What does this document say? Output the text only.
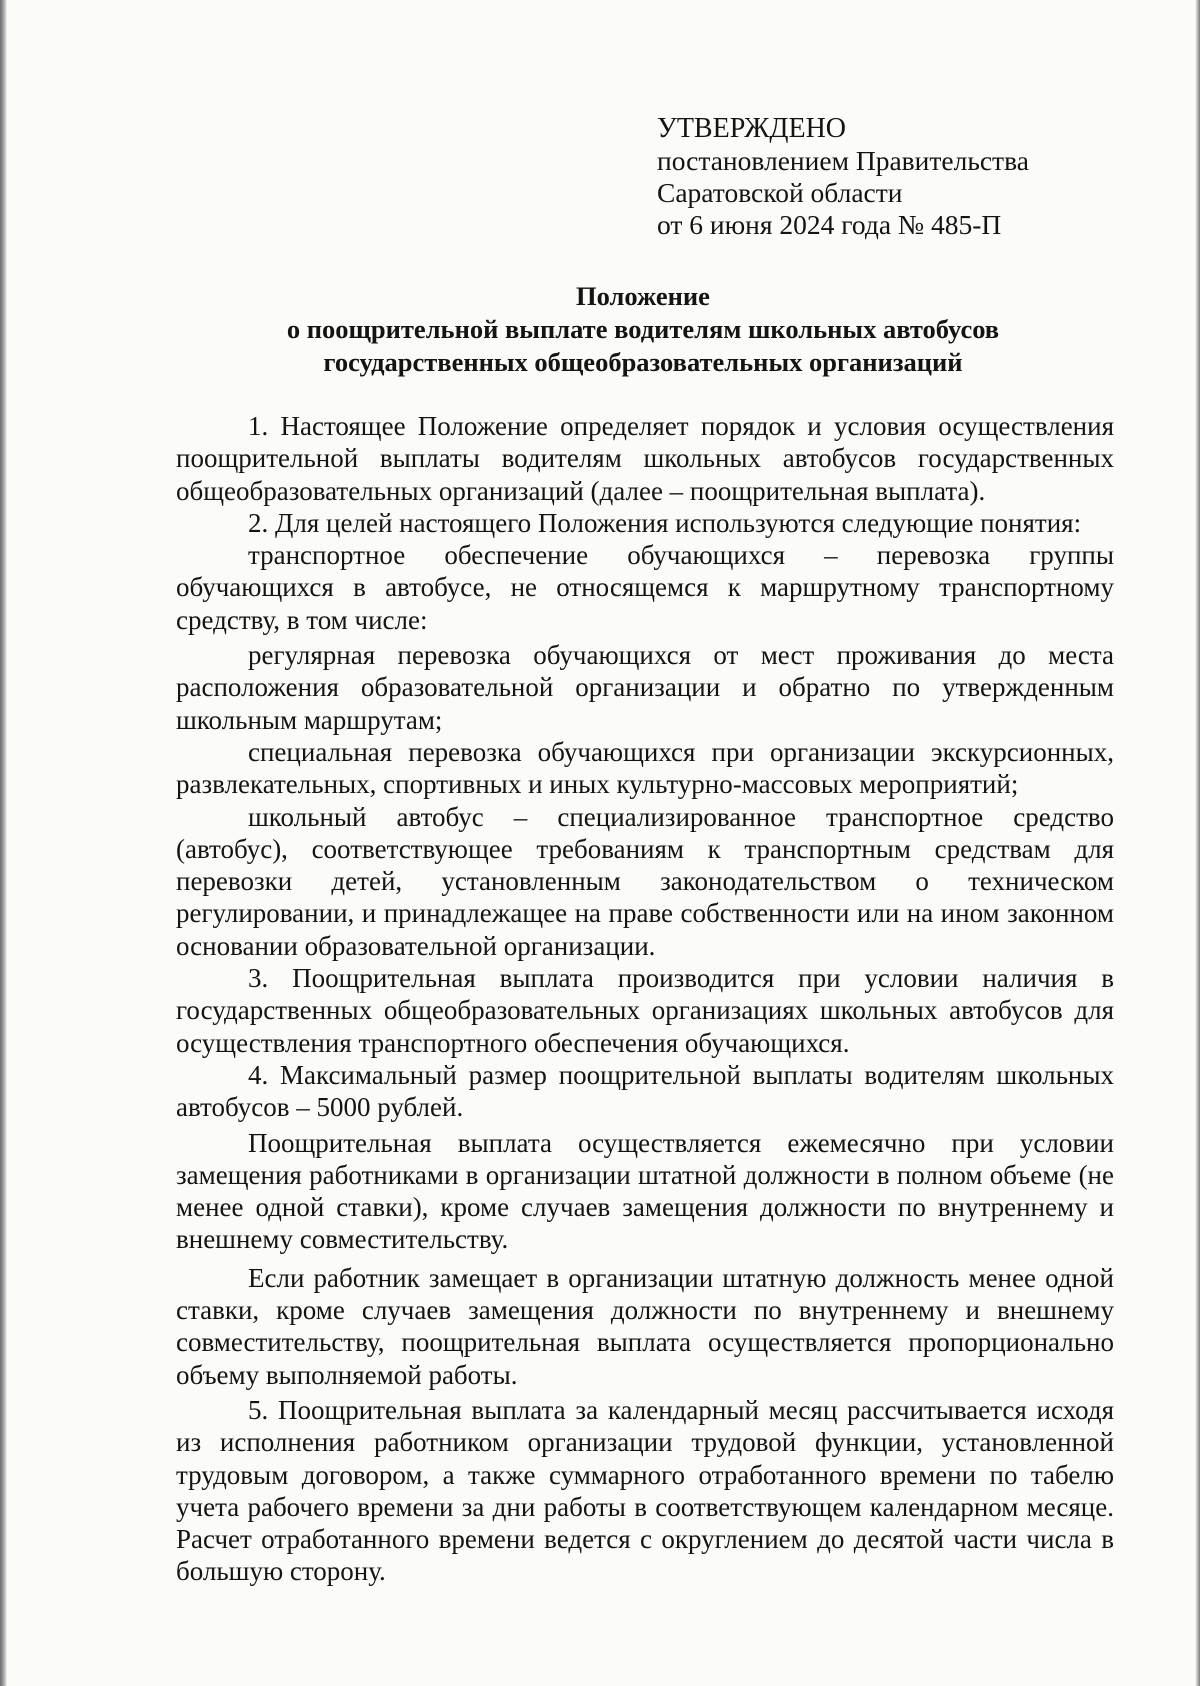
УТВЕРЖДЕНО
постановлением Правительства
Саратовской области
от 6 июня 2024 года № 485-П
Положение
о поощрительной выплате водителям школьных автобусов
государственных общеобразовательных организаций

1. Настоящее Положение определяет порядок и условия осуществления поощрительной выплаты водителям школьных автобусов государственных общеобразовательных организаций (далее – поощрительная выплата).

2. Для целей настоящего Положения используются следующие понятия:

транспортное обеспечение обучающихся – перевозка группы обучающихся в автобусе, не относящемся к маршрутному транспортному средству, в том числе:

регулярная перевозка обучающихся от мест проживания до места расположения образовательной организации и обратно по утвержденным школьным маршрутам;

специальная перевозка обучающихся при организации экскурсионных, развлекательных, спортивных и иных культурно-массовых мероприятий;

школьный автобус – специализированное транспортное средство (автобус), соответствующее требованиям к транспортным средствам для перевозки детей, установленным законодательством о техническом регулировании, и принадлежащее на праве собственности или на ином законном основании образовательной организации.

3. Поощрительная выплата производится при условии наличия в государственных общеобразовательных организациях школьных автобусов для осуществления транспортного обеспечения обучающихся.

4. Максимальный размер поощрительной выплаты водителям школьных автобусов – 5000 рублей.

Поощрительная выплата осуществляется ежемесячно при условии замещения работниками в организации штатной должности в полном объеме (не менее одной ставки), кроме случаев замещения должности по внутреннему и внешнему совместительству.

Если работник замещает в организации штатную должность менее одной ставки, кроме случаев замещения должности по внутреннему и внешнему совместительству, поощрительная выплата осуществляется пропорционально объему выполняемой работы.

5. Поощрительная выплата за календарный месяц рассчитывается исходя из исполнения работником организации трудовой функции, установленной трудовым договором, а также суммарного отработанного времени по табелю учета рабочего времени за дни работы в соответствующем календарном месяце. Расчет отработанного времени ведется с округлением до десятой части числа в большую сторону.
